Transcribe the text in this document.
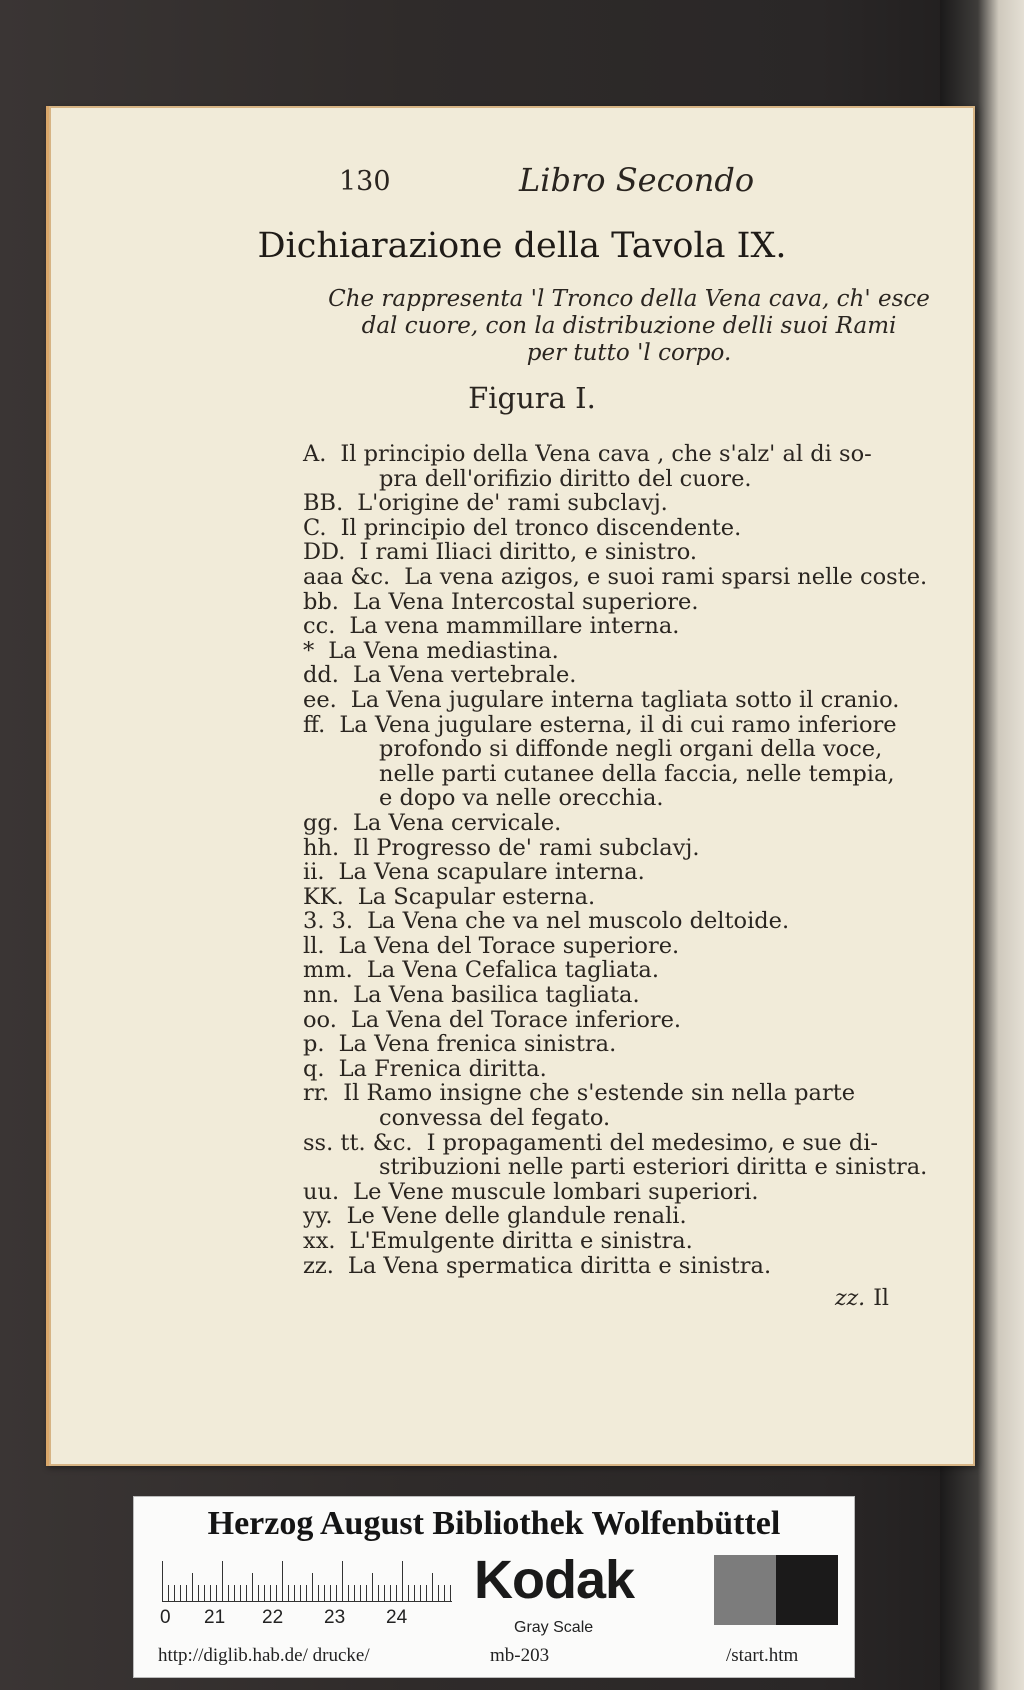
130	Libro Secondo
Dichiarazione della Tavola IX.
Che rappresenta 'l Tronco della Vena cava, ch' esce
dal cuore, con la distribuzione delli suoi Rami
per tutto 'l corpo.
Figura I.
A. Il principio della Vena cava , che s'alz' al di so-
pra dell'orifizio diritto del cuore.
BB. L'origine de' rami subclavj.
C. Il principio del tronco discendente.
DD. I rami Iliaci diritto, e sinistro.
aaa &c. La vena azigos, e suoi rami sparsi nelle coste.
bb. La Vena Intercostal superiore.
cc. La vena mammillare interna.
* La Vena mediastina.
dd. La Vena vertebrale.
ee. La Vena jugulare interna tagliata sotto il cranio.
ff. La Vena jugulare esterna, il di cui ramo inferiore
profondo si diffonde negli organi della voce,
nelle parti cutanee della faccia, nelle tempia,
e dopo va nelle orecchia.
gg. La Vena cervicale.
hh. Il Progresso de' rami subclavj.
ii. La Vena scapulare interna.
KK. La Scapular esterna.
3. 3. La Vena che va nel muscolo deltoide.
ll. La Vena del Torace superiore.
mm. La Vena Cefalica tagliata.
nn. La Vena basilica tagliata.
oo. La Vena del Torace inferiore.
p. La Vena frenica sinistra.
q. La Frenica diritta.
rr. Il Ramo insigne che s'estende sin nella parte
convessa del fegato.
ss. tt. &c. I propagamenti del medesimo, e sue di-
stribuzioni nelle parti esteriori diritta e sinistra.
uu. Le Vene muscule lombari superiori.
yy. Le Vene delle glandule renali.
xx. L'Emulgente diritta e sinistra.
zz. La Vena spermatica diritta e sinistra.
zz. Il
Herzog August Bibliothek Wolfenbüttel
0 21 22 23 24
Kodak
Gray Scale
http://diglib.hab.de/ drucke/	mb-203	/start.htm
